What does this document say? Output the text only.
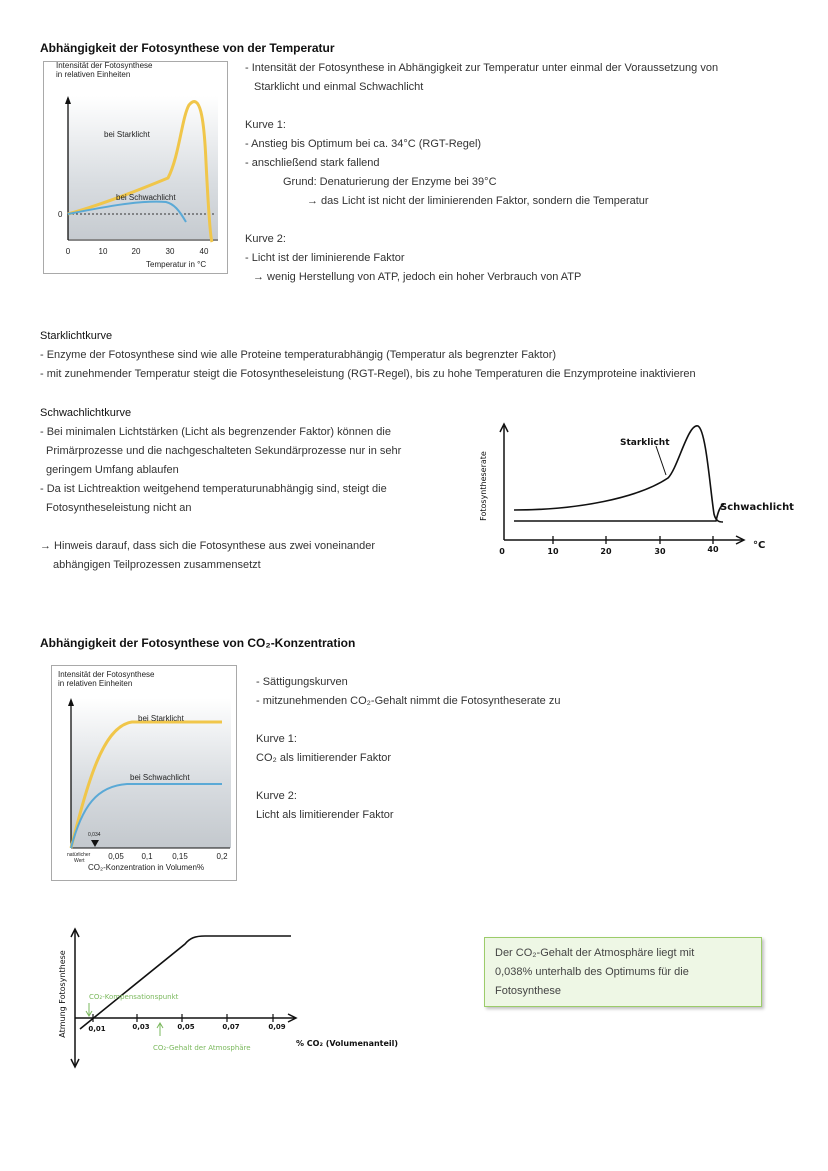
Abhängigkeit der Fotosynthese von der Temperatur
Intensität der Fotosynthese
in relativen Einheiten
bei Starklicht
bei Schwachlicht
0
0	10	20	30	40
Temperatur in °C
- Intensität der Fotosynthese in Abhängigkeit zur Temperatur unter einmal der Voraussetzung von
Starklicht und einmal Schwachlicht
Kurve 1:
- Anstieg bis Optimum bei ca. 34°C (RGT-Regel)
- anschließend stark fallend
Grund: Denaturierung der Enzyme bei 39°C
→ das Licht ist nicht der liminierenden Faktor, sondern die Temperatur
Kurve 2:
- Licht ist der liminierende Faktor
→ wenig Herstellung von ATP, jedoch ein hoher Verbrauch von ATP
Starklichtkurve
- Enzyme der Fotosynthese sind wie alle Proteine temperaturabhängig (Temperatur als begrenzter Faktor)
- mit zunehmender Temperatur steigt die Fotosyntheseleistung (RGT-Regel), bis zu hohe Temperaturen die Enzymproteine inaktivieren
Schwachlichtkurve
- Bei minimalen Lichtstärken (Licht als begrenzender Faktor) können die
Primärprozesse und die nachgeschalteten Sekundärprozesse nur in sehr
geringem Umfang ablaufen
- Da ist Lichtreaktion weitgehend temperaturunabhängig sind, steigt die
Fotosyntheseleistung nicht an
→ Hinweis darauf, dass sich die Fotosynthese aus zwei voneinander
abhängigen Teilprozessen zusammensetzt
Fotosyntheserate
Starklicht
Schwachlicht
°C
0	10	20	30	40
Abhängigkeit der Fotosynthese von CO₂-Konzentration
Intensität der Fotosynthese
in relativen Einheiten
bei Starklicht
bei Schwachlicht
0,034
natürlicher
Wert	0,05 0,1 0,15	0,2
CO₂-Konzentration in Volumen%
- Sättigungskurven
- mitzunehmenden CO₂-Gehalt nimmt die Fotosyntheserate zu
Kurve 1:
CO₂ als limitierender Faktor
Kurve 2:
Licht als limitierender Faktor
Atmung Fotosynthese	CO₂-Kompensationspunkt
CO₂-Gehalt der Atmosphäre	% CO₂ (Volumenanteil)
0,01	0,03	0,05	0,07	0,09
Der CO₂-Gehalt der Atmosphäre liegt mit
0,038% unterhalb des Optimums für die
Fotosynthese
